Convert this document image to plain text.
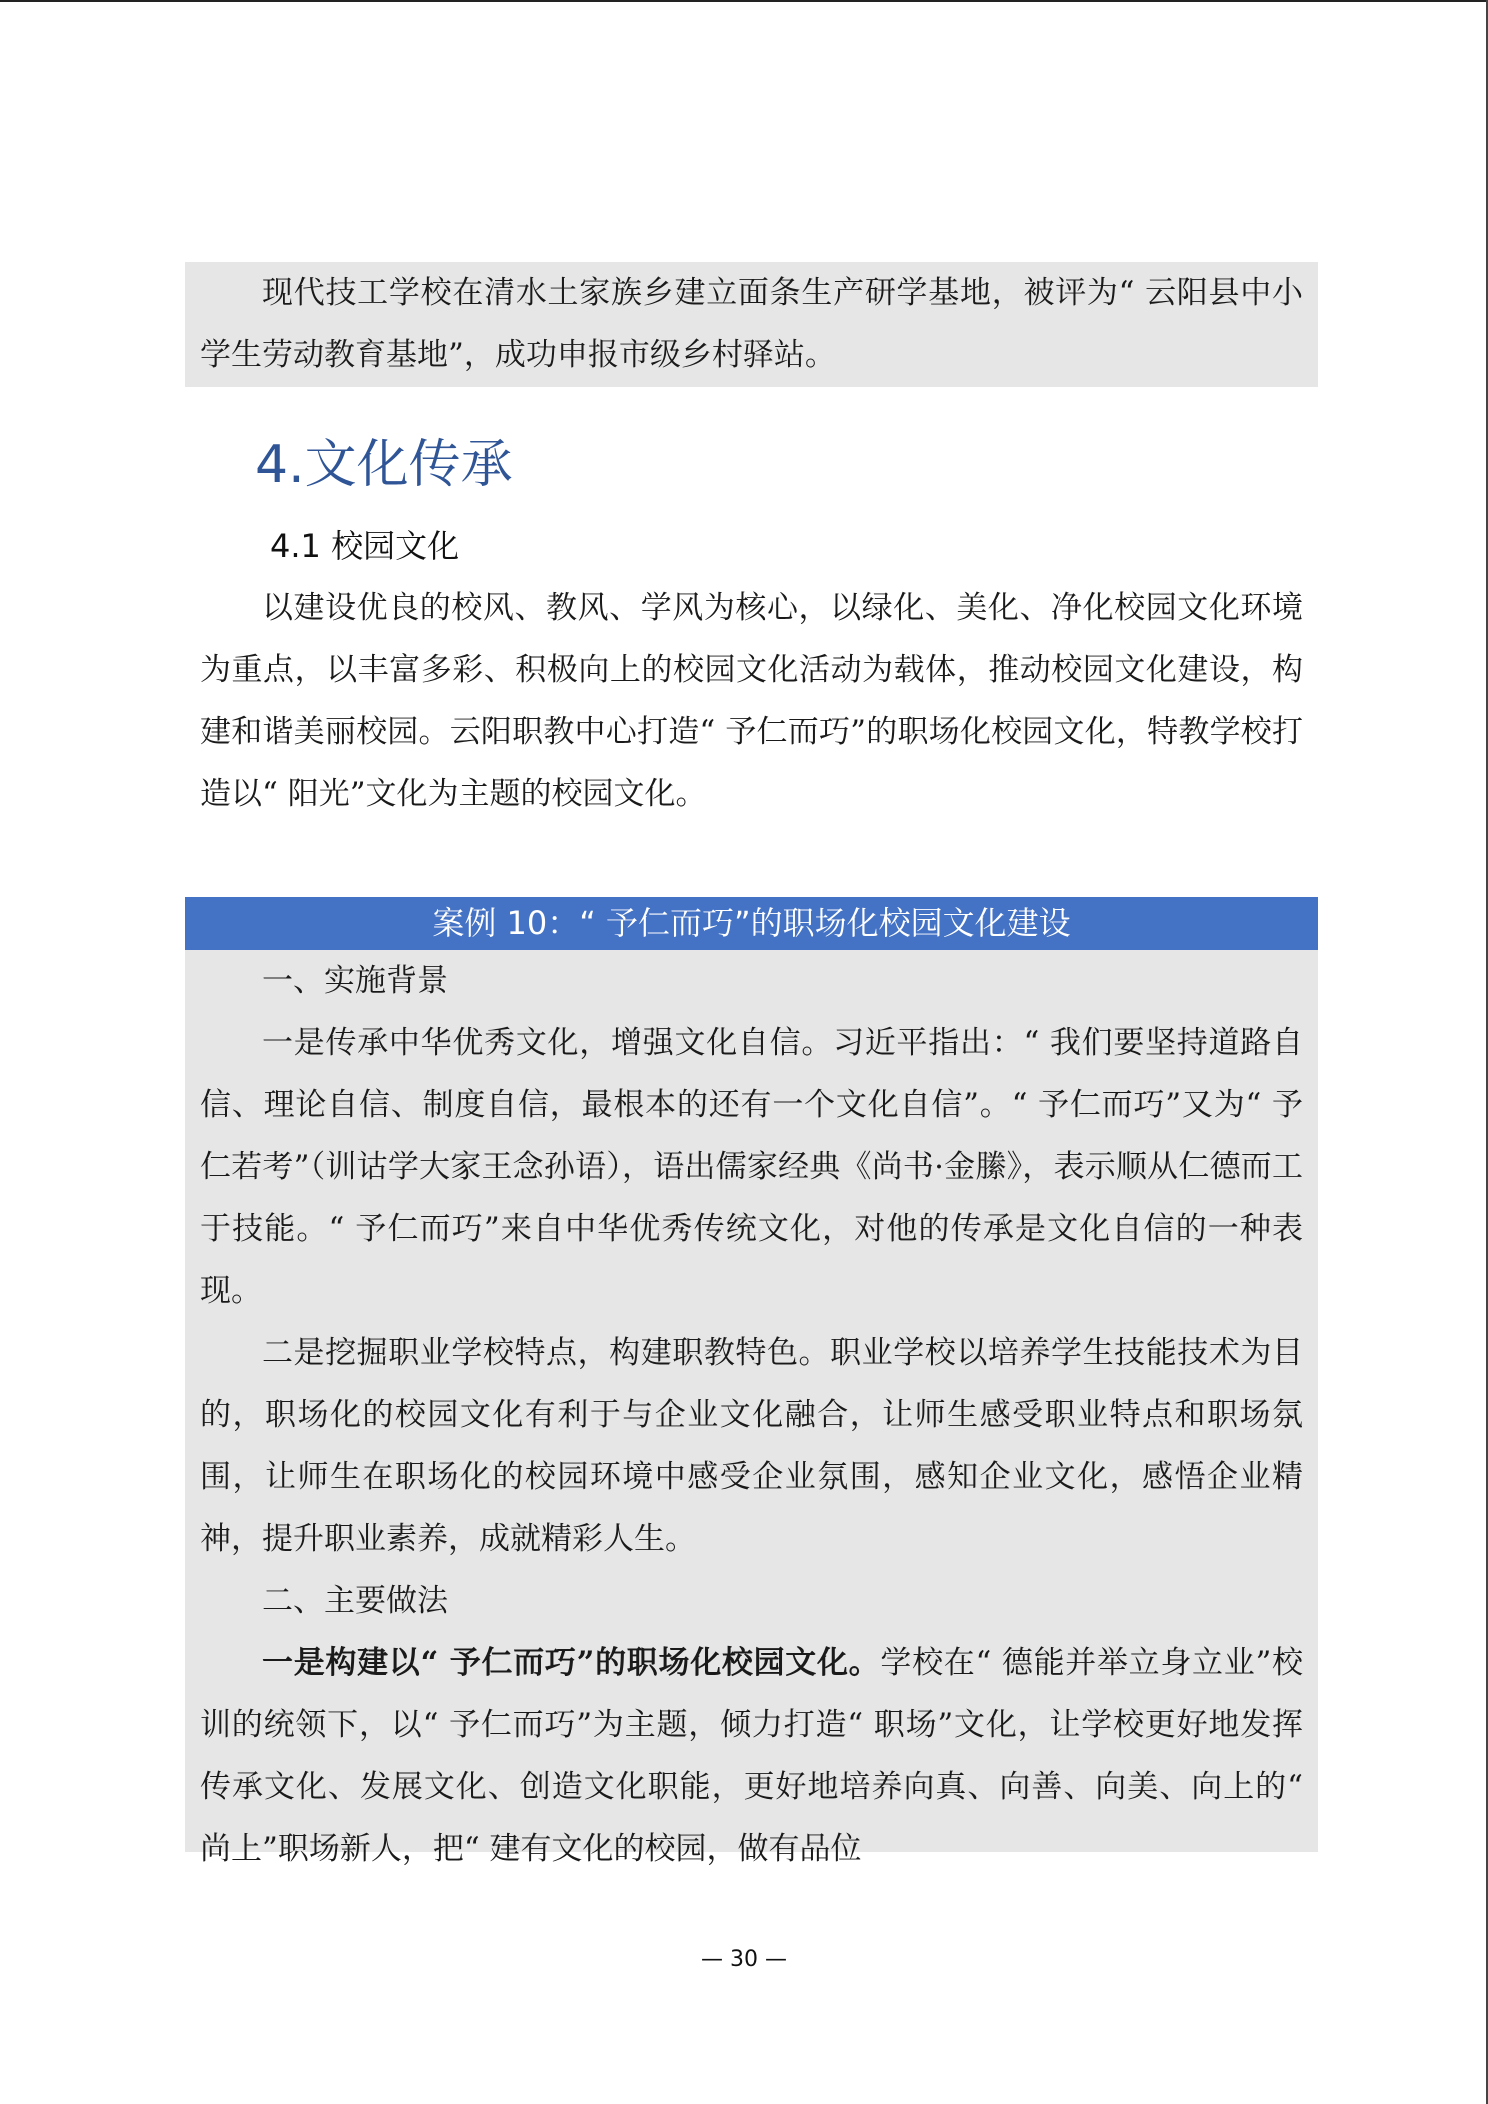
现代技工学校在清水土家族乡建立面条生产研学基地，被评为“ 云阳县中小学生劳动教育基地”，成功申报市级乡村驿站。

4.文化传承
4.1 校园文化

以建设优良的校风、教风、学风为核心，以绿化、美化、净化校园文化环境为重点，以丰富多彩、积极向上的校园文化活动为载体，推动校园文化建设，构建和谐美丽校园。云阳职教中心打造“ 予仁而巧”的职场化校园文化，特教学校打造以“ 阳光”文化为主题的校园文化。

案例 10：“ 予仁而巧”的职场化校园文化建设

一、实施背景

一是传承中华优秀文化，增强文化自信。习近平指出：“ 我们要坚持道路自信、理论自信、制度自信，最根本的还有一个文化自信”。“ 予仁而巧”又为“ 予仁若考”（训诂学大家王念孙语），语出儒家经典《尚书·金縢》，表示顺从仁德而工于技能。“ 予仁而巧”来自中华优秀传统文化，对他的传承是文化自信的一种表现。

二是挖掘职业学校特点，构建职教特色。职业学校以培养学生技能技术为目的，职场化的校园文化有利于与企业文化融合，让师生感受职业特点和职场氛围，让师生在职场化的校园环境中感受企业氛围，感知企业文化，感悟企业精神，提升职业素养，成就精彩人生。

二、主要做法

一是构建以“ 予仁而巧”的职场化校园文化。学校在“ 德能并举立身立业”校训的统领下，以“ 予仁而巧”为主题，倾力打造“ 职场”文化，让学校更好地发挥传承文化、发展文化、创造文化职能，更好地培养向真、向善、向美、向上的“ 尚上”职场新人，把“ 建有文化的校园，做有品位

— 30 —
